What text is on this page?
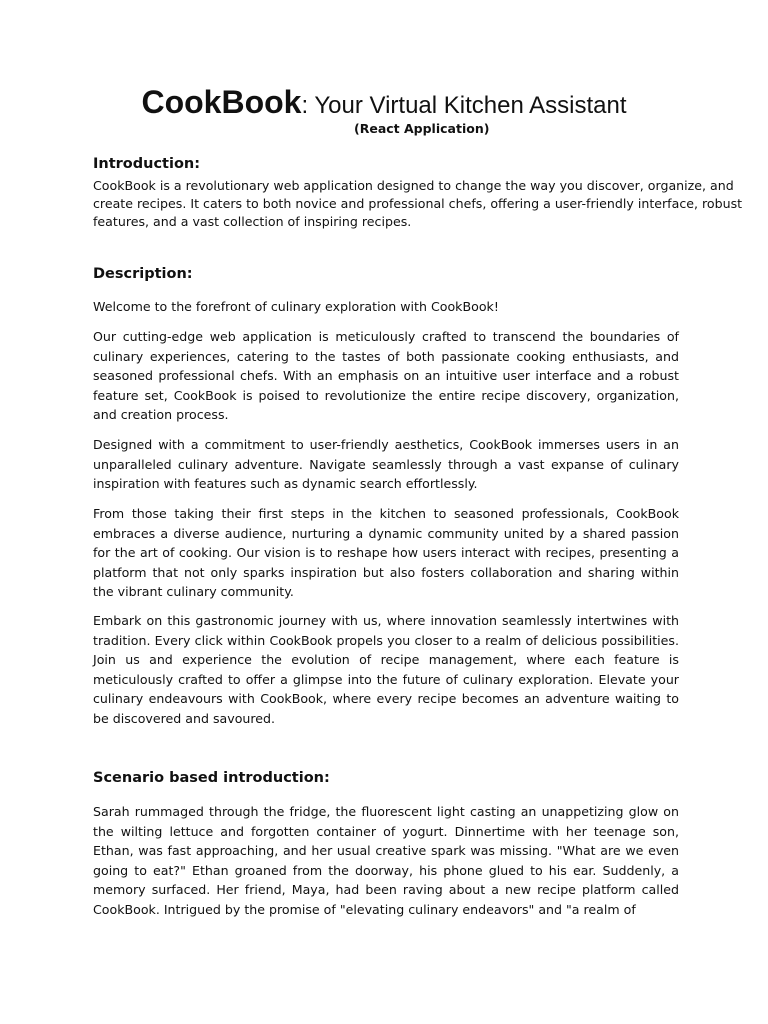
CookBook: Your Virtual Kitchen Assistant
(React Application)
Introduction:
CookBook is a revolutionary web application designed to change the way you discover, organize, and create recipes. It caters to both novice and professional chefs, offering a user-friendly interface, robust features, and a vast collection of inspiring recipes.
Description:
Welcome to the forefront of culinary exploration with CookBook!
Our cutting-edge web application is meticulously crafted to transcend the boundaries of culinary experiences, catering to the tastes of both passionate cooking enthusiasts, and seasoned professional chefs. With an emphasis on an intuitive user interface and a robust feature set, CookBook is poised to revolutionize the entire recipe discovery, organization, and creation process.
Designed with a commitment to user-friendly aesthetics, CookBook immerses users in an unparalleled culinary adventure. Navigate seamlessly through a vast expanse of culinary inspiration with features such as dynamic search effortlessly.
From those taking their first steps in the kitchen to seasoned professionals, CookBook embraces a diverse audience, nurturing a dynamic community united by a shared passion for the art of cooking. Our vision is to reshape how users interact with recipes, presenting a platform that not only sparks inspiration but also fosters collaboration and sharing within the vibrant culinary community.
Embark on this gastronomic journey with us, where innovation seamlessly intertwines with tradition. Every click within CookBook propels you closer to a realm of delicious possibilities. Join us and experience the evolution of recipe management, where each feature is meticulously crafted to offer a glimpse into the future of culinary exploration. Elevate your culinary endeavours with CookBook, where every recipe becomes an adventure waiting to be discovered and savoured.
Scenario based introduction:
Sarah rummaged through the fridge, the fluorescent light casting an unappetizing glow on the wilting lettuce and forgotten container of yogurt. Dinnertime with her teenage son, Ethan, was fast approaching, and her usual creative spark was missing. "What are we even going to eat?" Ethan groaned from the doorway, his phone glued to his ear. Suddenly, a memory surfaced. Her friend, Maya, had been raving about a new recipe platform called CookBook. Intrigued by the promise of "elevating culinary endeavors" and "a realm of
